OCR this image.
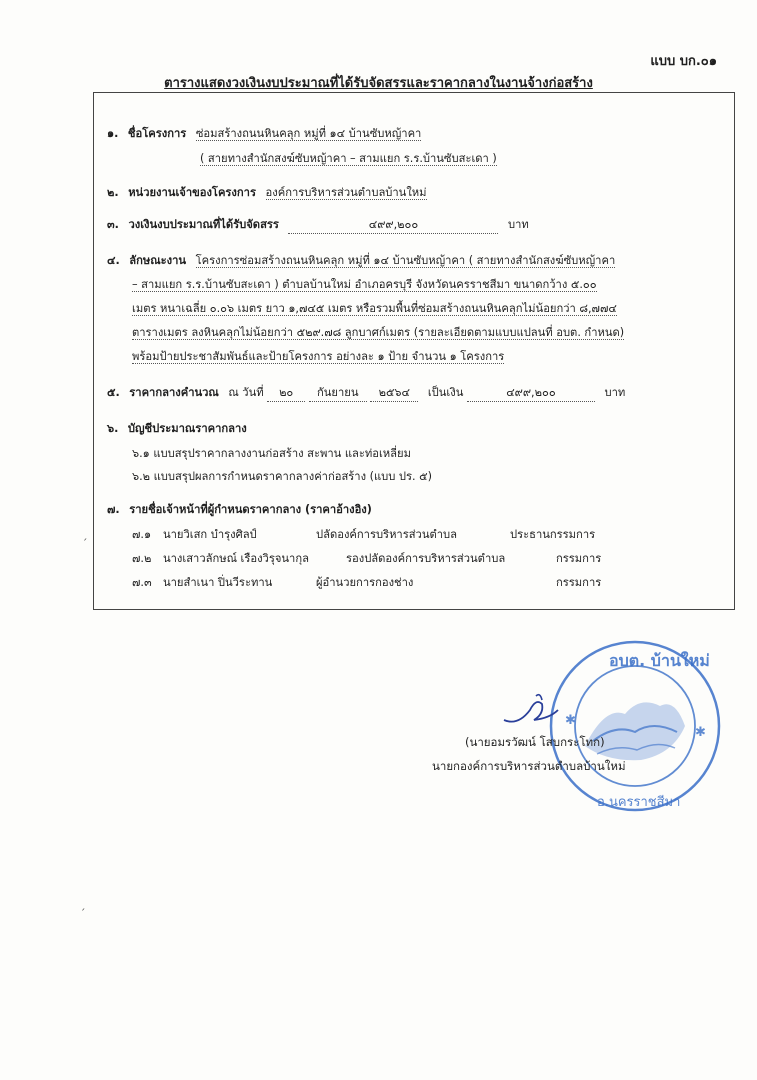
แบบ บก.๐๑
ตารางแสดงวงเงินงบประมาณที่ได้รับจัดสรรและราคากลางในงานจ้างก่อสร้าง
๑. ชื่อโครงการ ซ่อมสร้างถนนหินคลุก หมู่ที่ ๑๔ บ้านซับหญ้าคา
( สายทางสำนักสงฆ์ซับหญ้าคา – สามแยก ร.ร.บ้านซับสะเดา )
๒. หน่วยงานเจ้าของโครงการ องค์การบริหารส่วนตำบลบ้านใหม่
๓. วงเงินงบประมาณที่ได้รับจัดสรร	๔๙๙,๒๐๐	บาท
๔. ลักษณะงาน โครงการซ่อมสร้างถนนหินคลุก หมู่ที่ ๑๔ บ้านซับหญ้าคา ( สายทางสำนักสงฆ์ซับหญ้าคา
– สามแยก ร.ร.บ้านซับสะเดา ) ตำบลบ้านใหม่ อำเภอครบุรี จังหวัดนครราชสีมา ขนาดกว้าง ๕.๐๐
เมตร หนาเฉลี่ย ๐.๐๖ เมตร ยาว ๑,๗๔๕ เมตร หรือรวมพื้นที่ซ่อมสร้างถนนหินคลุกไม่น้อยกว่า ๘,๗๗๔
ตารางเมตร ลงหินคลุกไม่น้อยกว่า ๕๒๙.๗๘ ลูกบาศก์เมตร (รายละเอียดตามแบบแปลนที่ อบต. กำหนด)
พร้อมป้ายประชาสัมพันธ์และป้ายโครงการ อย่างละ ๑ ป้าย จำนวน ๑ โครงการ
๕. ราคากลางคำนวณ ณ วันที่ ๒๐ กันยายน ๒๕๖๔ เป็นเงิน	๔๙๙,๒๐๐	บาท
๖. บัญชีประมาณราคากลาง
๖.๑ แบบสรุปราคากลางงานก่อสร้าง สะพาน และท่อเหลี่ยม
๖.๒ แบบสรุปผลการกำหนดราคากลางค่าก่อสร้าง (แบบ ปร. ๕)
๗. รายชื่อเจ้าหน้าที่ผู้กำหนดราคากลาง (ราคาอ้างอิง)
๗.๑ นายวิเสก บำรุงศิลป์	ปลัดองค์การบริหารส่วนตำบล	ประธานกรรมการ
๗.๒ นางเสาวลักษณ์ เรืองวิรุจนากุล	รองปลัดองค์การบริหารส่วนตำบล	กรรมการ
๗.๓ นายสำเนา ปิ่นวีระทาน	ผู้อำนวยการกองช่าง	กรรมการ
ˏ
ˏ
✱
✱
อบต. บ้านใหม่
อ.นครราชสีมา
(นายอมรวัฒน์ โสบกระโทก)
นายกองค์การบริหารส่วนตำบลบ้านใหม่
